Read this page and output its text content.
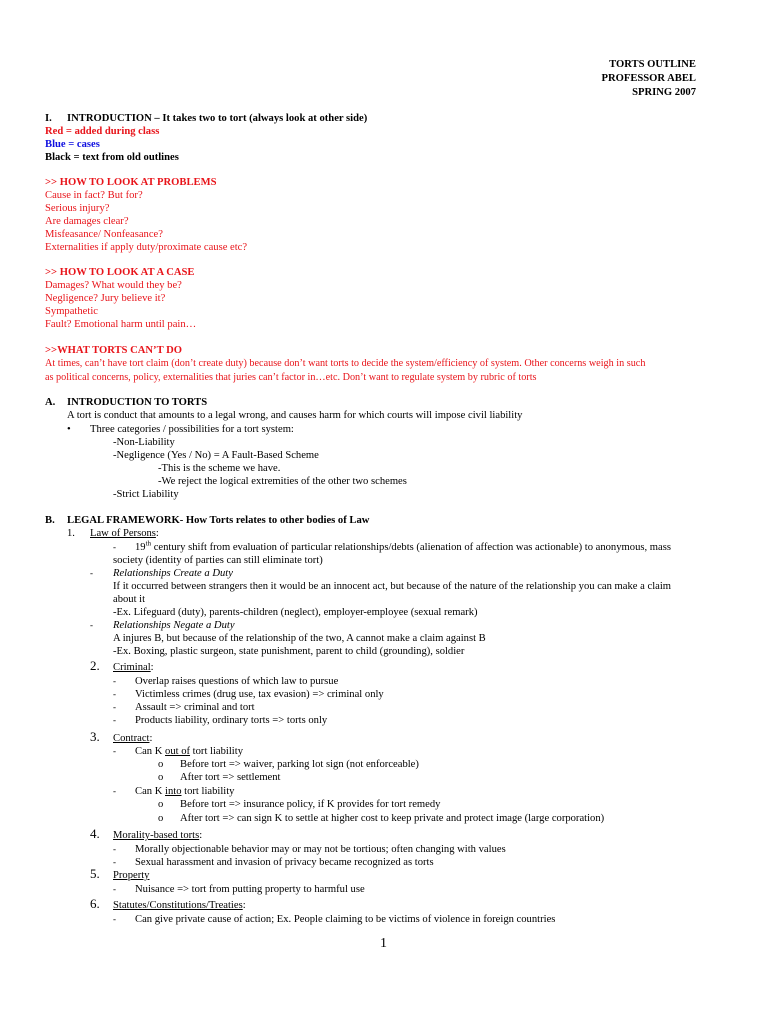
TORTS OUTLINE
PROFESSOR ABEL
SPRING 2007
I. INTRODUCTION – It takes two to tort (always look at other side)
Red = added during class
Blue = cases
Black = text from old outlines
>> HOW TO LOOK AT PROBLEMS
Cause in fact? But for?
Serious injury?
Are damages clear?
Misfeasance/ Nonfeasance?
Externalities if apply duty/proximate cause etc?
>> HOW TO LOOK AT A CASE
Damages? What would they be?
Negligence? Jury believe it?
Sympathetic
Fault? Emotional harm until pain…
>>WHAT TORTS CAN’T DO
At times, can’t have tort claim (don’t create duty) because don’t want torts to decide the system/efficiency of system. Other concerns weigh in such
as political concerns, policy, externalities that juries can’t factor in…etc. Don’t want to regulate system by rubric of torts
A. INTRODUCTION TO TORTS
A tort is conduct that amounts to a legal wrong, and causes harm for which courts will impose civil liability
• Three categories / possibilities for a tort system:
-Non-Liability
-Negligence (Yes / No) = A Fault-Based Scheme
-This is the scheme we have.
-We reject the logical extremities of the other two schemes
-Strict Liability
B. LEGAL FRAMEWORK- How Torts relates to other bodies of Law
1. Law of Persons:
- 19th century shift from evaluation of particular relationships/debts (alienation of affection was actionable) to anonymous, mass
society (identity of parties can still eliminate tort)
- Relationships Create a Duty
If it occurred between strangers then it would be an innocent act, but because of the nature of the relationship you can make a claim
about it
-Ex. Lifeguard (duty), parents-children (neglect), employer-employee (sexual remark)
- Relationships Negate a Duty
A injures B, but because of the relationship of the two, A cannot make a claim against B
-Ex. Boxing, plastic surgeon, state punishment, parent to child (grounding), soldier
2. Criminal:
- Overlap raises questions of which law to pursue
- Victimless crimes (drug use, tax evasion) => criminal only
- Assault => criminal and tort
- Products liability, ordinary torts => torts only
3. Contract:
- Can K out of tort liability
o Before tort => waiver, parking lot sign (not enforceable)
o After tort => settlement
- Can K into tort liability
o Before tort => insurance policy, if K provides for tort remedy
o After tort => can sign K to settle at higher cost to keep private and protect image (large corporation)
4. Morality-based torts:
- Morally objectionable behavior may or may not be tortious; often changing with values
- Sexual harassment and invasion of privacy became recognized as torts
5. Property
- Nuisance => tort from putting property to harmful use
6. Statutes/Constitutions/Treaties:
- Can give private cause of action; Ex. People claiming to be victims of violence in foreign countries
1
